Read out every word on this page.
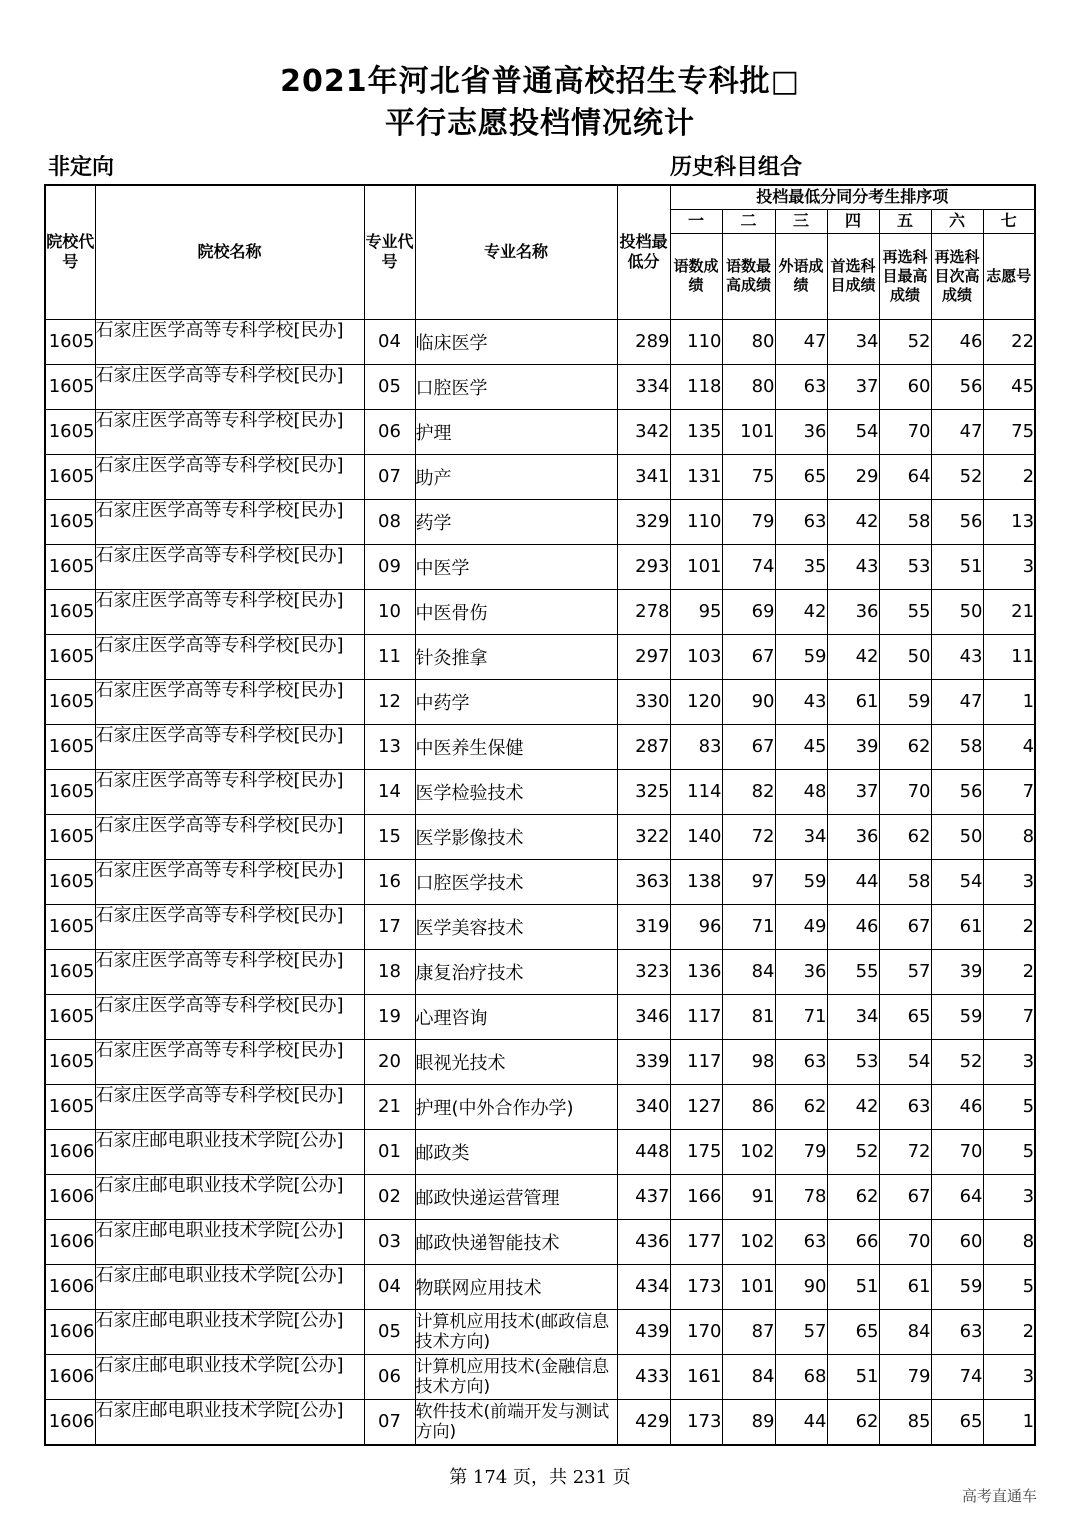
2021年河北省普通高校招生专科批□
平行志愿投档情况统计
非定向	历史科目组合
院校代号	院校名称	专业代号	专业名称	投档最低分	投档最低分同分考生排序项						
					一	二	三	四	五	六	七
					语数成绩	语数最高成绩	外语成绩	首选科目成绩	再选科目最高成绩	再选科目次高成绩	志愿号
1605	石家庄医学高等专科学校[民办]	04	临床医学	289	110	80	47	34	52	46	22
1605	石家庄医学高等专科学校[民办]	05	口腔医学	334	118	80	63	37	60	56	45
1605	石家庄医学高等专科学校[民办]	06	护理	342	135	101	36	54	70	47	75
1605	石家庄医学高等专科学校[民办]	07	助产	341	131	75	65	29	64	52	2
1605	石家庄医学高等专科学校[民办]	08	药学	329	110	79	63	42	58	56	13
1605	石家庄医学高等专科学校[民办]	09	中医学	293	101	74	35	43	53	51	3
1605	石家庄医学高等专科学校[民办]	10	中医骨伤	278	95	69	42	36	55	50	21
1605	石家庄医学高等专科学校[民办]	11	针灸推拿	297	103	67	59	42	50	43	11
1605	石家庄医学高等专科学校[民办]	12	中药学	330	120	90	43	61	59	47	1
1605	石家庄医学高等专科学校[民办]	13	中医养生保健	287	83	67	45	39	62	58	4
1605	石家庄医学高等专科学校[民办]	14	医学检验技术	325	114	82	48	37	70	56	7
1605	石家庄医学高等专科学校[民办]	15	医学影像技术	322	140	72	34	36	62	50	8
1605	石家庄医学高等专科学校[民办]	16	口腔医学技术	363	138	97	59	44	58	54	3
1605	石家庄医学高等专科学校[民办]	17	医学美容技术	319	96	71	49	46	67	61	2
1605	石家庄医学高等专科学校[民办]	18	康复治疗技术	323	136	84	36	55	57	39	2
1605	石家庄医学高等专科学校[民办]	19	心理咨询	346	117	81	71	34	65	59	7
1605	石家庄医学高等专科学校[民办]	20	眼视光技术	339	117	98	63	53	54	52	3
1605	石家庄医学高等专科学校[民办]	21	护理(中外合作办学)	340	127	86	62	42	63	46	5
1606	石家庄邮电职业技术学院[公办]	01	邮政类	448	175	102	79	52	72	70	5
1606	石家庄邮电职业技术学院[公办]	02	邮政快递运营管理	437	166	91	78	62	67	64	3
1606	石家庄邮电职业技术学院[公办]	03	邮政快递智能技术	436	177	102	63	66	70	60	8
1606	石家庄邮电职业技术学院[公办]	04	物联网应用技术	434	173	101	90	51	61	59	5
1606	石家庄邮电职业技术学院[公办]	05	计算机应用技术(邮政信息技术方向)	439	170	87	57	65	84	63	2
1606	石家庄邮电职业技术学院[公办]	06	计算机应用技术(金融信息技术方向)	433	161	84	68	51	79	74	3
1606	石家庄邮电职业技术学院[公办]	07	软件技术(前端开发与测试方向)	429	173	89	44	62	85	65	1
第 174 页，共 231 页
高考直通车
